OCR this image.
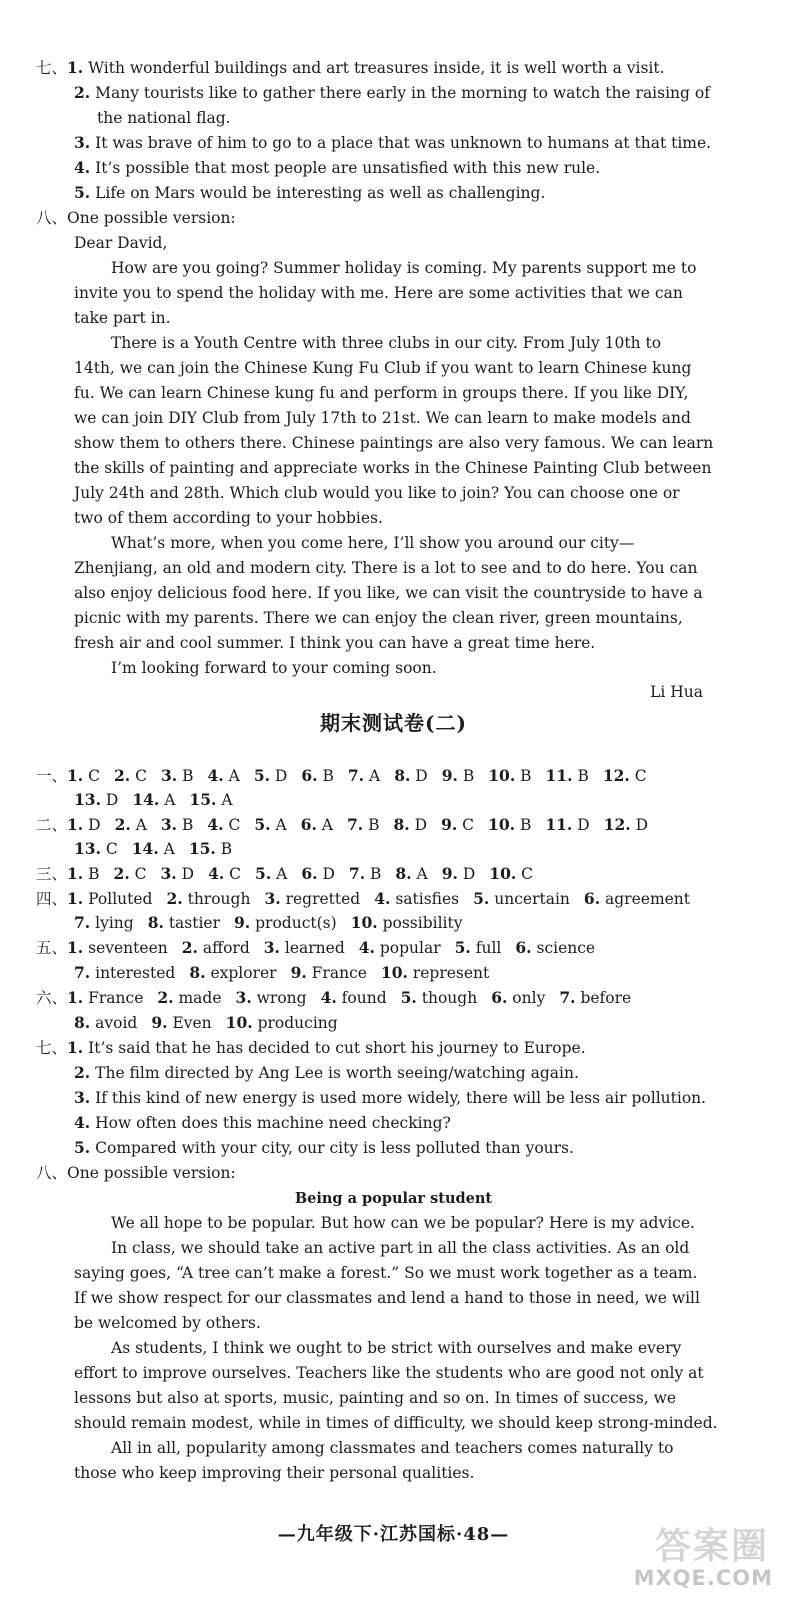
七、1. With wonderful buildings and art treasures inside, it is well worth a visit.
2. Many tourists like to gather there early in the morning to watch the raising of
the national flag.
3. It was brave of him to go to a place that was unknown to humans at that time.
4. It’s possible that most people are unsatisfied with this new rule.
5. Life on Mars would be interesting as well as challenging.
八、One possible version:
Dear David,
How are you going? Summer holiday is coming. My parents support me to
invite you to spend the holiday with me. Here are some activities that we can
take part in.
There is a Youth Centre with three clubs in our city. From July 10th to
14th, we can join the Chinese Kung Fu Club if you want to learn Chinese kung
fu. We can learn Chinese kung fu and perform in groups there. If you like DIY,
we can join DIY Club from July 17th to 21st. We can learn to make models and
show them to others there. Chinese paintings are also very famous. We can learn
the skills of painting and appreciate works in the Chinese Painting Club between
July 24th and 28th. Which club would you like to join? You can choose one or
two of them according to your hobbies.
What’s more, when you come here, I’ll show you around our city—
Zhenjiang, an old and modern city. There is a lot to see and to do here. You can
also enjoy delicious food here. If you like, we can visit the countryside to have a
picnic with my parents. There we can enjoy the clean river, green mountains,
fresh air and cool summer. I think you can have a great time here.
I’m looking forward to your coming soon.
Li Hua
期末测试卷(二)
一、1. C 2. C 3. B 4. A 5. D 6. B 7. A 8. D 9. B 10. B 11. B 12. C
13. D 14. A 15. A
二、1. D 2. A 3. B 4. C 5. A 6. A 7. B 8. D 9. C 10. B 11. D 12. D
13. C 14. A 15. B
三、1. B 2. C 3. D 4. C 5. A 6. D 7. B 8. A 9. D 10. C
四、1. Polluted 2. through 3. regretted 4. satisfies 5. uncertain 6. agreement
7. lying 8. tastier 9. product(s) 10. possibility
五、1. seventeen 2. afford 3. learned 4. popular 5. full 6. science
7. interested 8. explorer 9. France 10. represent
六、1. France 2. made 3. wrong 4. found 5. though 6. only 7. before
8. avoid 9. Even 10. producing
七、1. It’s said that he has decided to cut short his journey to Europe.
2. The film directed by Ang Lee is worth seeing/watching again.
3. If this kind of new energy is used more widely, there will be less air pollution.
4. How often does this machine need checking?
5. Compared with your city, our city is less polluted than yours.
八、One possible version:
Being a popular student
We all hope to be popular. But how can we be popular? Here is my advice.
In class, we should take an active part in all the class activities. As an old
saying goes, “A tree can’t make a forest.” So we must work together as a team.
If we show respect for our classmates and lend a hand to those in need, we will
be welcomed by others.
As students, I think we ought to be strict with ourselves and make every
effort to improve ourselves. Teachers like the students who are good not only at
lessons but also at sports, music, painting and so on. In times of success, we
should remain modest, while in times of difficulty, we should keep strong-minded.
All in all, popularity among classmates and teachers comes naturally to
those who keep improving their personal qualities.
—九年级下·江苏国标·48—	答案圈
MXQE.COM
